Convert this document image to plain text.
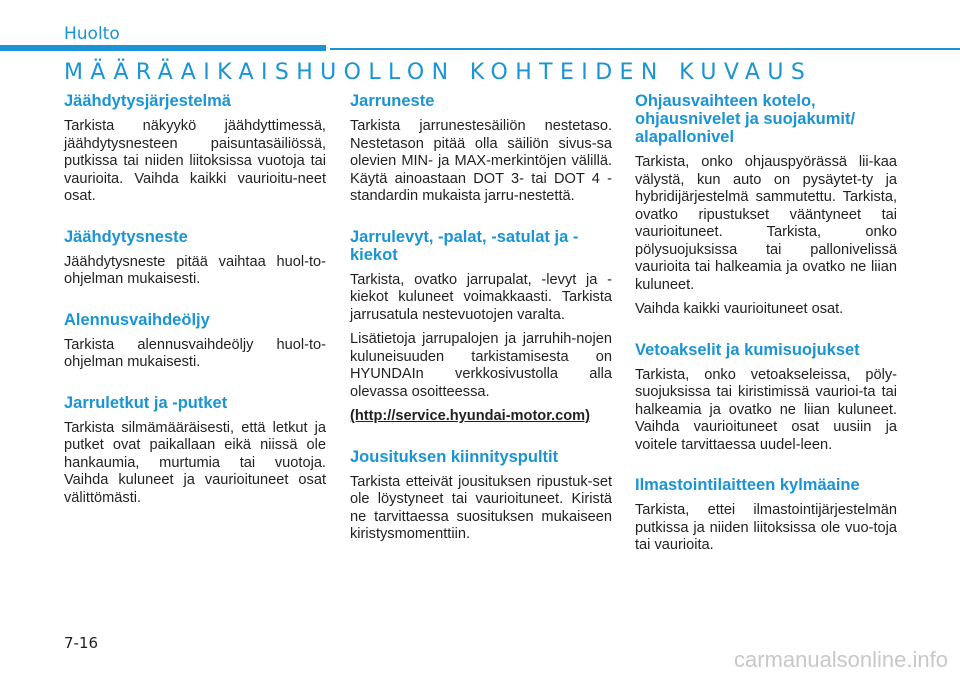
Huolto
MÄÄRÄAIKAISHUOLLON KOHTEIDEN KUVAUS
Jäähdytysjärjestelmä

Tarkista näkyykö jäähdyttimessä, jäähdytysnesteen paisuntasäiliössä, putkissa tai niiden liitoksissa vuotoja tai vaurioita. Vaihda kaikki vaurioitu-neet osat.

Jäähdytysneste

Jäähdytysneste pitää vaihtaa huol-to-ohjelman mukaisesti.

Alennusvaihdeöljy

Tarkista alennusvaihdeöljy huol-to-ohjelman mukaisesti.

Jarruletkut ja -putket

Tarkista silmämääräisesti, että letkut ja putket ovat paikallaan eikä niissä ole hankaumia, murtumia tai vuotoja. Vaihda kuluneet ja vaurioituneet osat välittömästi.

Jarruneste

Tarkista jarrunestesäiliön nestetaso. Nestetason pitää olla säiliön sivus-sa olevien MIN- ja MAX-merkintöjen välillä. Käytä ainoastaan DOT 3- tai DOT 4 -standardin mukaista jarru-nestettä.

Jarrulevyt, -palat, -satulat ja -kiekot

Tarkista, ovatko jarrupalat, -levyt ja -kiekot kuluneet voimakkaasti. Tarkista jarrusatula nestevuotojen varalta.

Lisätietoja jarrupalojen ja jarruhih-nojen kuluneisuuden tarkistamisesta on HYUNDAIn verkkosivustolla alla olevassa osoitteessa.

(http://service.hyundai-motor.com)

Jousituksen kiinnityspultit

Tarkista etteivät jousituksen ripustuk-set ole löystyneet tai vaurioituneet. Kiristä ne tarvittaessa suosituksen mukaiseen kiristysmomenttiin.

Ohjausvaihteen kotelo, ohjausnivelet ja suojakumit/ alapallonivel

Tarkista, onko ohjauspyörässä lii-kaa välystä, kun auto on pysäytet-ty ja hybridijärjestelmä sammutettu. Tarkista, ovatko ripustukset vääntyneet tai vaurioituneet. Tarkista, onko pölysuojuksissa tai pallonivelissä vaurioita tai halkeamia ja ovatko ne liian kuluneet.

Vaihda kaikki vaurioituneet osat.

Vetoakselit ja kumisuojukset

Tarkista, onko vetoakseleissa, pöly-suojuksissa tai kiristimissä vaurioi-ta tai halkeamia ja ovatko ne liian kuluneet. Vaihda vaurioituneet osat uusiin ja voitele tarvittaessa uudel-leen.

Ilmastointilaitteen kylmäaine

Tarkista, ettei ilmastointijärjestelmän putkissa ja niiden liitoksissa ole vuo-toja tai vaurioita.

7-16
carmanualsonline.info
